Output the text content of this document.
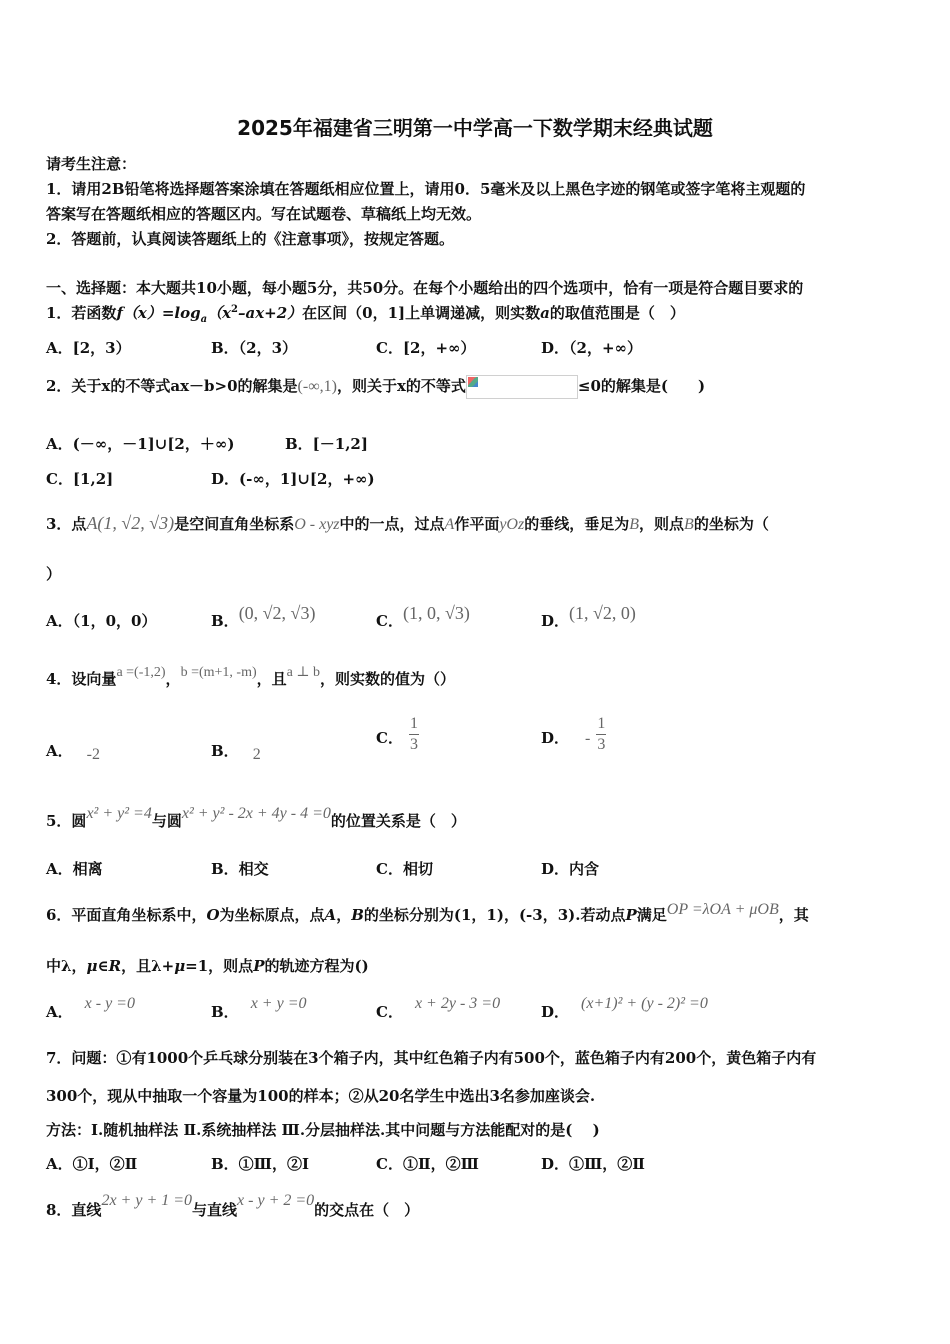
2025年福建省三明第一中学高一下数学期末经典试题
请考生注意：
1．请用2B铅笔将选择题答案涂填在答题纸相应位置上，请用0．5毫米及以上黑色字迹的钢笔或签字笔将主观题的
答案写在答题纸相应的答题区内。写在试题卷、草稿纸上均无效。
2．答题前，认真阅读答题纸上的《注意事项》，按规定答题。
一、选择题：本大题共10小题，每小题5分，共50分。在每个小题给出的四个选项中，恰有一项是符合题目要求的
1．若函数$f(x)=\log_a(x^2-ax+2)$在区间（0，1]上单调递减，则实数a的取值范围是（　）
A．[2，3）	B．（2，3）	C．[2，+∞）	D．（2，+∞）
2．关于x的不等式ax－b>0的解集是(-∞,1)，则关于x的不等式	≤0的解集是(　　)
A．(－∞，－1]∪[2，＋∞)	B．[－1,2]
C．[1,2]	D．(-∞，1]∪[2，+∞)
3．点A(1, √2, √3)是空间直角坐标系O - xyz中的一点，过点A作平面yOz的垂线，垂足为B，则点B的坐标为（
）
A．（1，0，0）	B．(0, √2, √3)	C．(1, 0, √3)	D．(1, √2, 0)
4．设向量a =(-1,2)，b =(m+1, -m)，且a ⊥ b，则实数的值为（）
A． -2	B． 2
C． $\frac{1}{3}$	D． - $\frac{1}{3}$
5．圆x² + y² =4与圆x² + y² - 2x + 4y - 4 =0的位置关系是（　）
A．相离	B．相交	C．相切	D．内含
6．平面直角坐标系中，O为坐标原点，点A，B的坐标分别为(1，1)，(-3，3).若动点P满足OP =λOA + μOB，其
中λ，μ∈R，且λ+μ=1，则点P的轨迹方程为()
A． x - y =0	B． x + y =0	C． x + 2y - 3 =0	D． (x+1)² + (y - 2)² =0
7．问题：①有1000个乒乓球分别装在3个箱子内，其中红色箱子内有500个，蓝色箱子内有200个，黄色箱子内有
300个，现从中抽取一个容量为100的样本；②从20名学生中选出3名参加座谈会.
方法：Ⅰ.随机抽样法 Ⅱ.系统抽样法 Ⅲ.分层抽样法.其中问题与方法能配对的是(　 )
A．①Ⅰ，②Ⅱ	B．①Ⅲ，②Ⅰ	C．①Ⅱ，②Ⅲ	D．①Ⅲ，②Ⅱ
8．直线2x + y + 1 =0与直线x - y + 2 =0的交点在（　）
